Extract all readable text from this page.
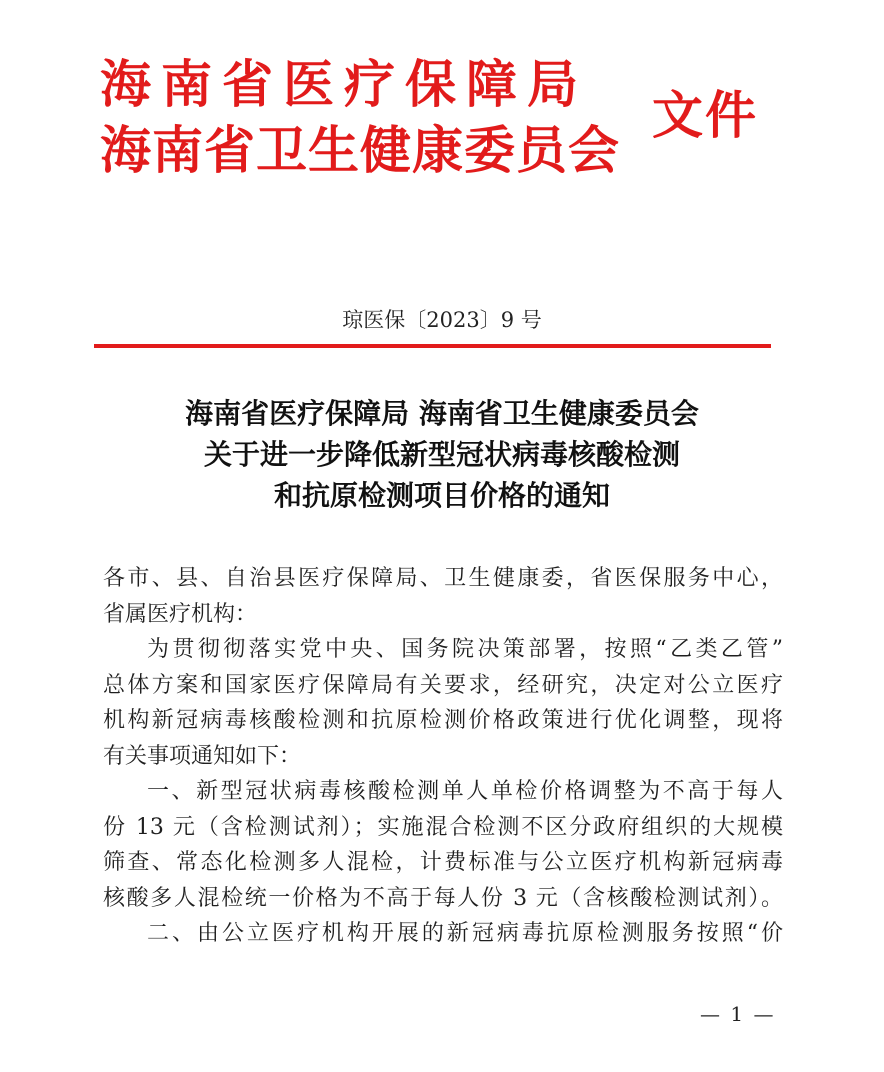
海南省医疗保障局
海南省卫生健康委员会
文件
琼医保〔2023〕9 号
海南省医疗保障局 海南省卫生健康委员会
关于进一步降低新型冠状病毒核酸检测
和抗原检测项目价格的通知
各市、县、自治县医疗保障局、卫生健康委，省医保服务中心，
省属医疗机构：
为贯彻彻落实党中央、国务院决策部署，按照“乙类乙管”
总体方案和国家医疗保障局有关要求，经研究，决定对公立医疗
机构新冠病毒核酸检测和抗原检测价格政策进行优化调整，现将
有关事项通知如下：
一、新型冠状病毒核酸检测单人单检价格调整为不高于每人
份 13 元（含检测试剂）；实施混合检测不区分政府组织的大规模
筛查、常态化检测多人混检，计费标准与公立医疗机构新冠病毒
核酸多人混检统一价格为不高于每人份 3 元（含核酸检测试剂）。
二、由公立医疗机构开展的新冠病毒抗原检测服务按照“价
— 1 —
